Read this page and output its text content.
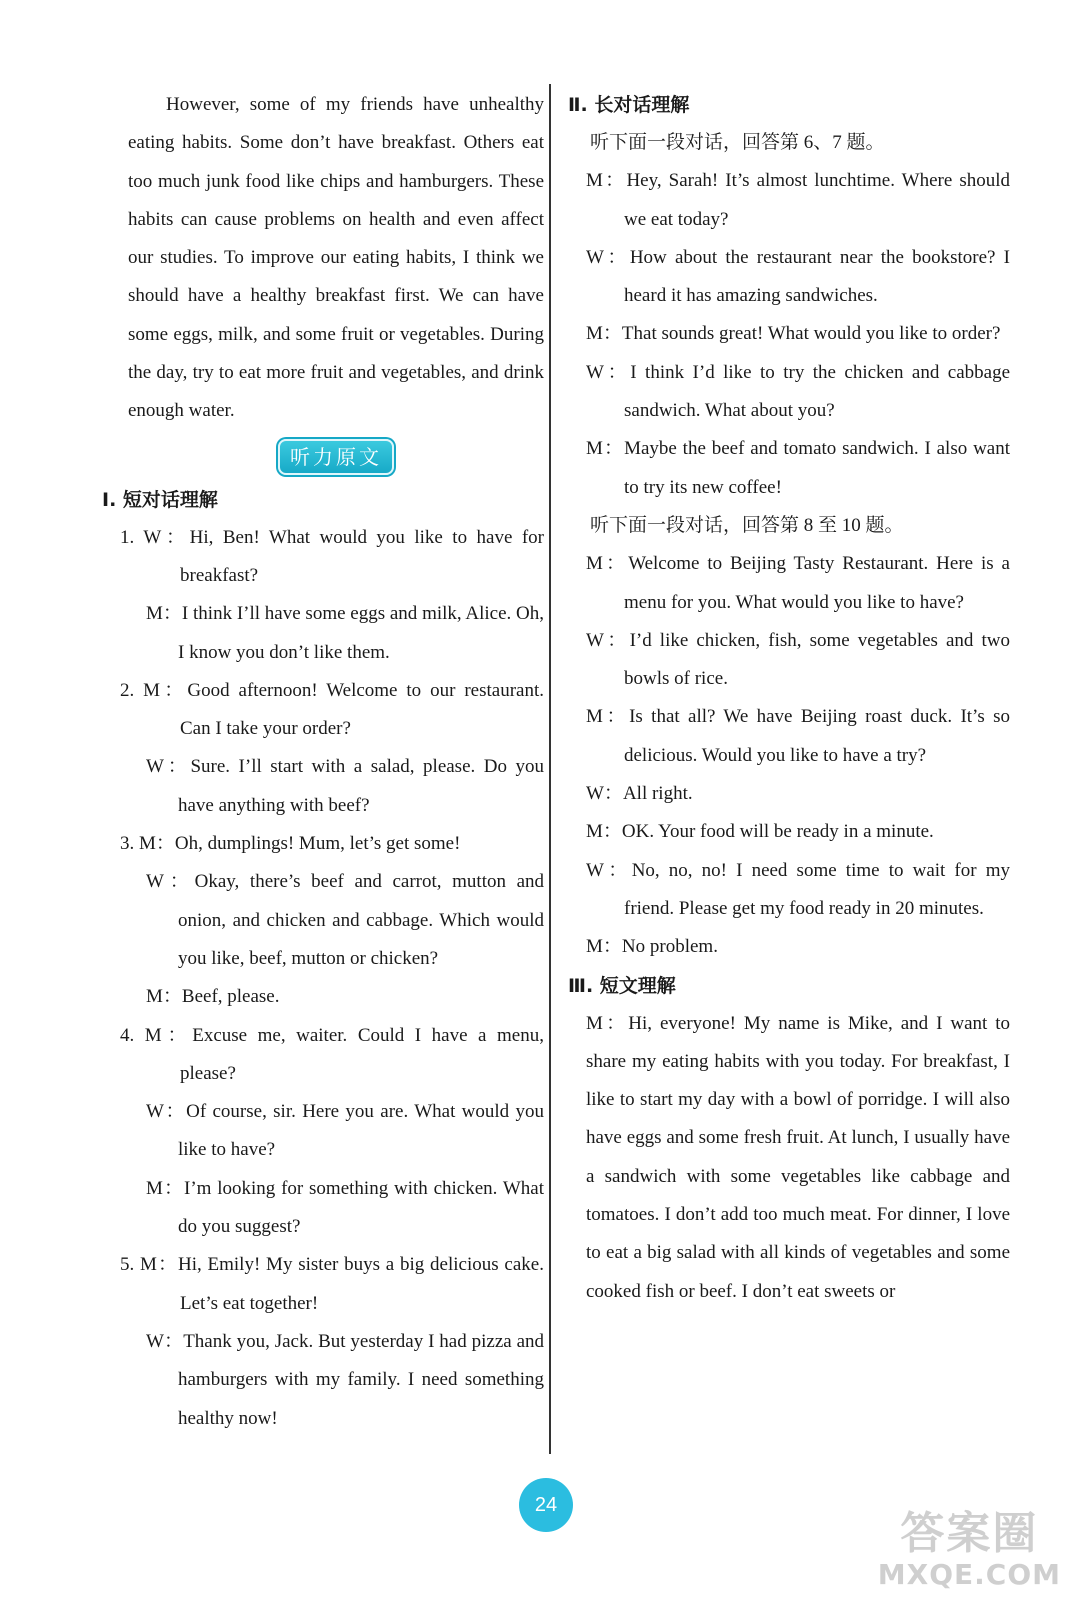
However, some of my friends have unhealthy eating habits. Some don’t have breakfast. Others eat too much junk food like chips and hamburgers. These habits can cause problems on health and even affect our studies. To improve our eating habits, I think we should have a healthy breakfast first. We can have some eggs, milk, and some fruit or vegetables. During the day, try to eat more fruit and vegetables, and drink enough water.

听力原文

Ⅰ. 短对话理解

1. W：Hi, Ben! What would you like to have for breakfast?

M：I think I’ll have some eggs and milk, Alice. Oh, I know you don’t like them.

2. M：Good afternoon! Welcome to our restaurant. Can I take your order?

W：Sure. I’ll start with a salad, please. Do you have anything with beef?

3. M：Oh, dumplings! Mum, let’s get some!

W：Okay, there’s beef and carrot, mutton and onion, and chicken and cabbage. Which would you like, beef, mutton or chicken?

M：Beef, please.

4. M：Excuse me, waiter. Could I have a menu, please?

W：Of course, sir. Here you are. What would you like to have?

M：I’m looking for something with chicken. What do you suggest?

5. M：Hi, Emily! My sister buys a big delicious cake. Let’s eat together!

W：Thank you, Jack. But yesterday I had pizza and hamburgers with my family. I need something healthy now!

Ⅱ. 长对话理解

听下面一段对话，回答第 6、7 题。

M：Hey, Sarah! It’s almost lunchtime. Where should we eat today?

W：How about the restaurant near the bookstore? I heard it has amazing sandwiches.

M：That sounds great! What would you like to order?

W：I think I’d like to try the chicken and cabbage sandwich. What about you?

M：Maybe the beef and tomato sandwich. I also want to try its new coffee!

听下面一段对话，回答第 8 至 10 题。

M：Welcome to Beijing Tasty Restaurant. Here is a menu for you. What would you like to have?

W：I’d like chicken, fish, some vegetables and two bowls of rice.

M：Is that all? We have Beijing roast duck. It’s so delicious. Would you like to have a try?

W：All right.

M：OK. Your food will be ready in a minute.

W：No, no, no! I need some time to wait for my friend. Please get my food ready in 20 minutes.

M：No problem.

Ⅲ. 短文理解

M：Hi, everyone! My name is Mike, and I want to share my eating habits with you today. For breakfast, I like to start my day with a bowl of porridge. I will also have eggs and some fresh fruit. At lunch, I usually have a sandwich with some vegetables like cabbage and tomatoes. I don’t add too much meat. For dinner, I love to eat a big salad with all kinds of vegetables and some cooked fish or beef. I don’t eat sweets or

24
答案圈
MXQE.COM
